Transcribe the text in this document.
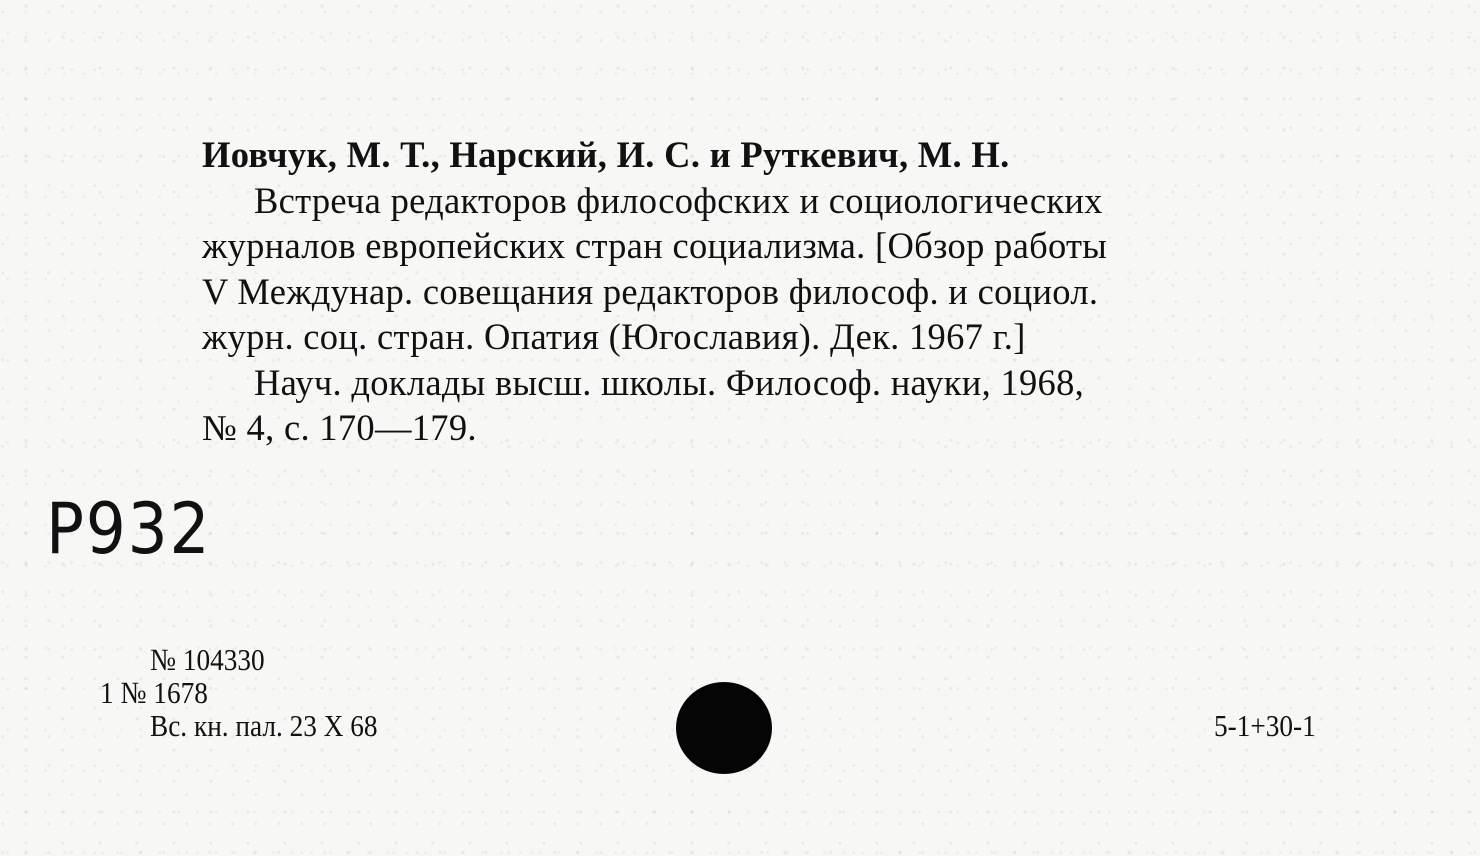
Иовчук, М. Т., Нарский, И. С. и Руткевич, М. Н.
Встреча редакторов философских и социологических
журналов европейских стран социализма. [Обзор работы
V Междунар. совещания редакторов философ. и социол.
журн. соц. стран. Опатия (Югославия). Дек. 1967 г.]
Науч. доклады высш. школы. Философ. науки, 1968,
№ 4, с. 170—179.
P932
№ 104330
1 № 1678
Вс. кн. пал. 23 X 68	5-1+30-1
